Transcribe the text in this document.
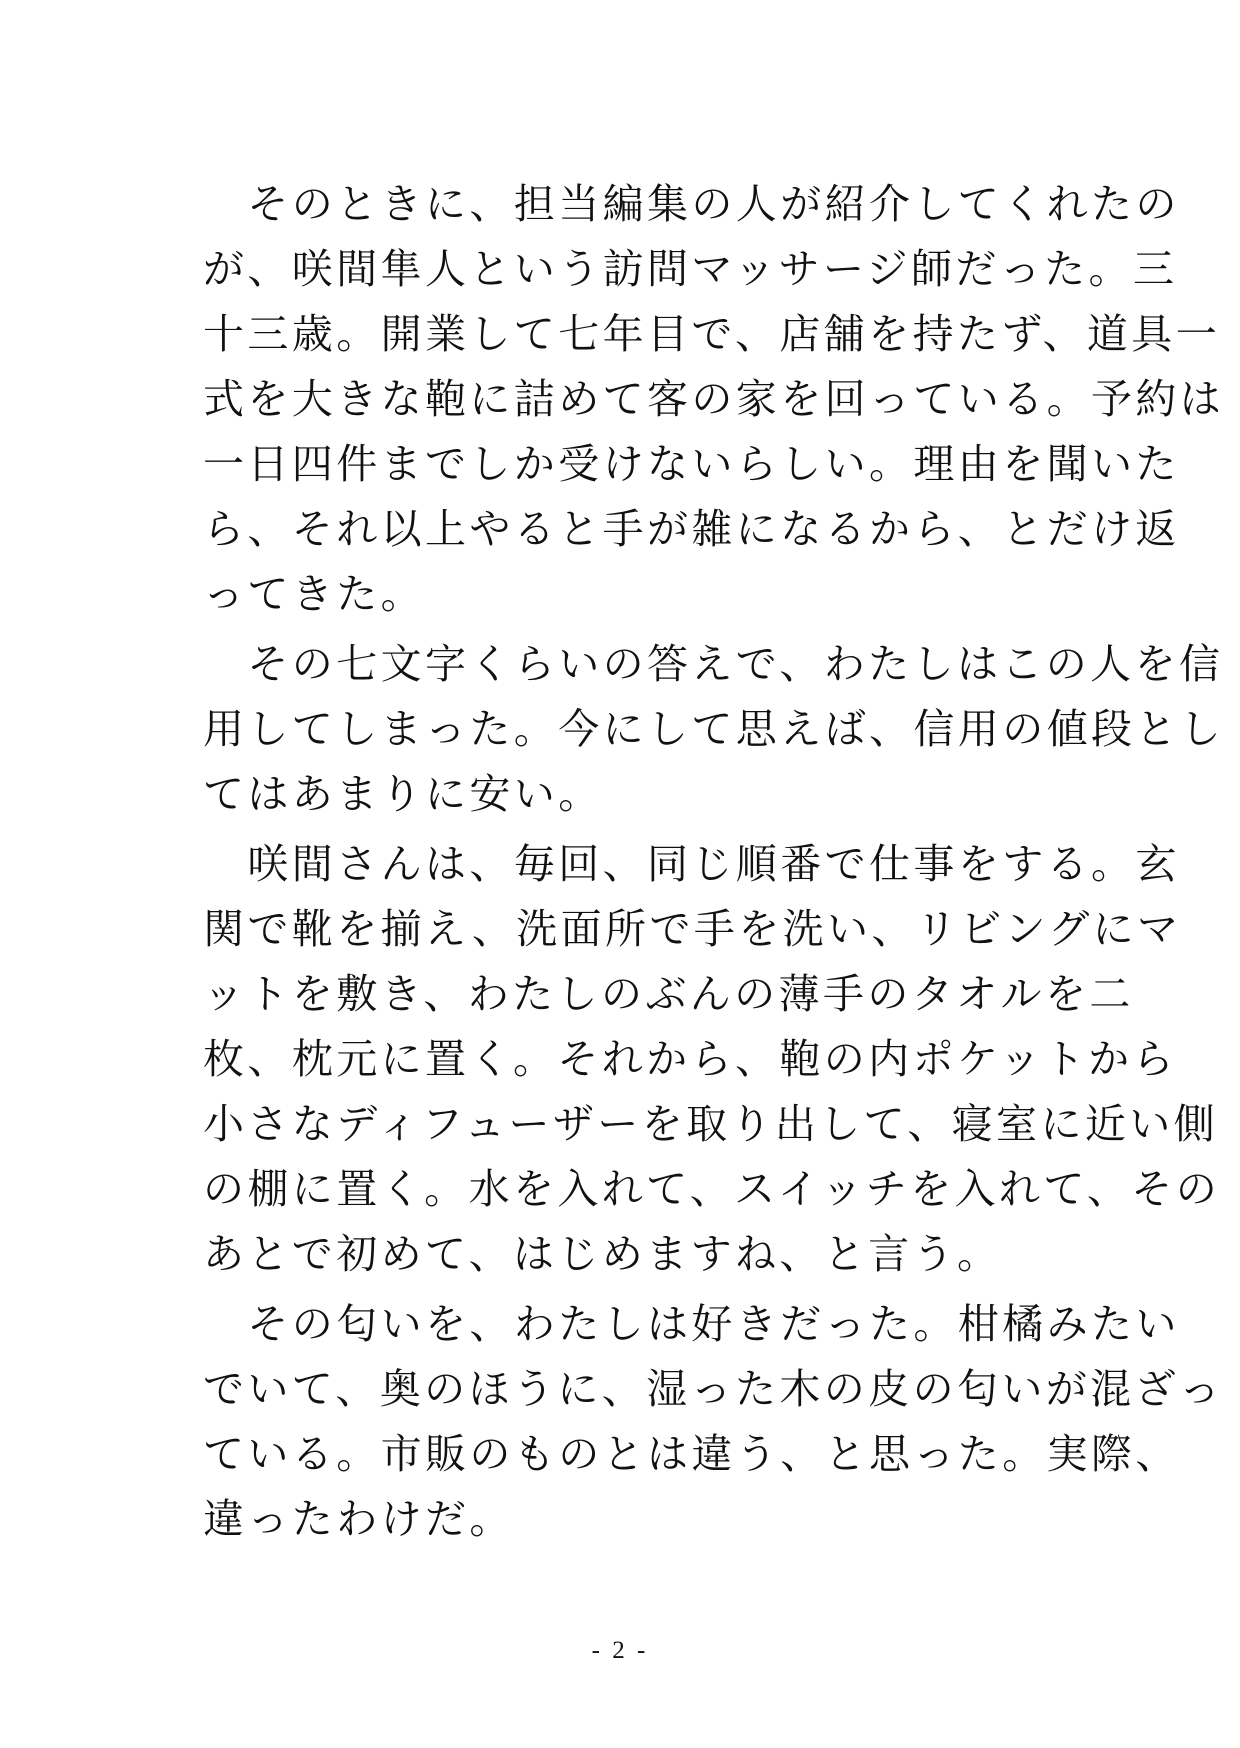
　そのときに、担当編集の人が紹介してくれたの
が、咲間隼人という訪問マッサージ師だった。三
十三歳。開業して七年目で、店舗を持たず、道具一
式を大きな鞄に詰めて客の家を回っている。予約は
一日四件までしか受けないらしい。理由を聞いた
ら、それ以上やると手が雑になるから、とだけ返
ってきた。

　その七文字くらいの答えで、わたしはこの人を信
用してしまった。今にして思えば、信用の値段とし
てはあまりに安い。

　咲間さんは、毎回、同じ順番で仕事をする。玄
関で靴を揃え、洗面所で手を洗い、リビングにマ
ットを敷き、わたしのぶんの薄手のタオルを二
枚、枕元に置く。それから、鞄の内ポケットから
小さなディフューザーを取り出して、寝室に近い側
の棚に置く。水を入れて、スイッチを入れて、その
あとで初めて、はじめますね、と言う。

　その匂いを、わたしは好きだった。柑橘みたい
でいて、奥のほうに、湿った木の皮の匂いが混ざっ
ている。市販のものとは違う、と思った。実際、
違ったわけだ。

- 2 -
